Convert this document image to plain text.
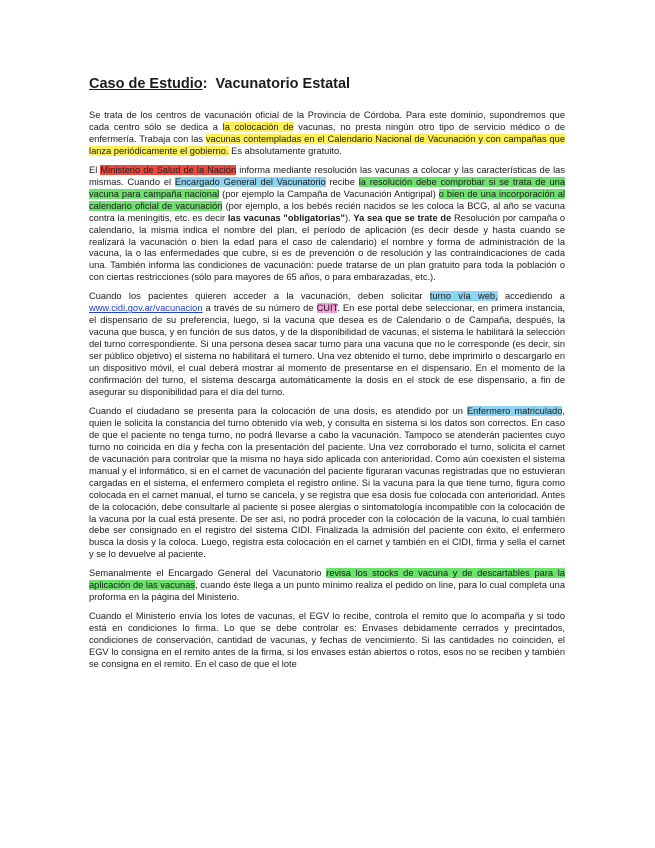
Caso de Estudio: Vacunatorio Estatal

Se trata de los centros de vacunación oficial de la Provincia de Córdoba. Para este dominio, supondremos que cada centro sólo se dedica a la colocación de vacunas, no presta ningún otro tipo de servicio médico o de enfermería. Trabaja con las vacunas contempladas en el Calendario Nacional de Vacunación y con campañas que lanza periódicamente el gobierno. Es absolutamente gratuito.

El Ministerio de Salud de la Nación informa mediante resolución las vacunas a colocar y las características de las mismas. Cuando el Encargado General del Vacunatorio recibe la resolución debe comprobar si se trata de una vacuna para campaña nacional (por ejemplo la Campaña de Vacunación Antigripal) o bien de una incorporación al calendario oficial de vacunación (por ejemplo, a los bebés recién nacidos se les coloca la BCG, al año se vacuna contra la meningitis, etc. es decir las vacunas "obligatorias"). Ya sea que se trate de Resolución por campaña o calendario, la misma indica el nombre del plan, el período de aplicación (es decir desde y hasta cuando se realizará la vacunación o bien la edad para el caso de calendario) el nombre y forma de administración de la vacuna, la o las enfermedades que cubre, si es de prevención o de resolución y las contraindicaciones de cada una. También informa las condiciones de vacunación: puede tratarse de un plan gratuito para toda la población o con ciertas restricciones (sólo para mayores de 65 años, o para embarazadas, etc.).

Cuando los pacientes quieren acceder a la vacunación, deben solicitar turno vía web, accediendo a www.cidi.gov.ar/vacunacion a través de su número de CUIT. En ese portal debe seleccionar, en primera instancia, el dispensario de su preferencia, luego, si la vacuna que desea es de Calendario o de Campaña, después, la vacuna que busca, y en función de sus datos, y de la disponibilidad de vacunas, el sistema le habilitará la selección del turno correspondiente. Si una persona desea sacar turno para una vacuna que no le corresponde (es decir, sin ser público objetivo) el sistema no habilitará el turnero. Una vez obtenido el turno, debe imprimirlo o descargarlo en un dispositivo móvil, el cual deberá mostrar al momento de presentarse en el dispensario. En el momento de la confirmación del turno, el sistema descarga automáticamente la dosis en el stock de ese dispensario, a fin de asegurar su disponibilidad para el día del turno.

Cuando el ciudadano se presenta para la colocación de una dosis, es atendido por un Enfermero matriculado, quien le solicita la constancia del turno obtenido vía web, y consulta en sistema si los datos son correctos. En caso de que el paciente no tenga turno, no podrá llevarse a cabo la vacunación. Tampoco se atenderán pacientes cuyo turno no coincida en día y fecha con la presentación del paciente. Una vez corroborado el turno, solicita el carnet de vacunación para controlar que la misma no haya sido aplicada con anterioridad. Como aún coexisten el sistema manual y el informático, si en el carnet de vacunación del paciente figuraran vacunas registradas que no estuvieran cargadas en el sistema, el enfermero completa el registro online. Si la vacuna para la que tiene turno, figura como colocada en el carnet manual, el turno se cancela, y se registra que esa dosis fue colocada con anterioridad. Antes de la colocación, debe consultarle al paciente si posee alergias o sintomatología incompatible con la colocación de la vacuna por la cual está presente. De ser así, no podrá proceder con la colocación de la vacuna, lo cual también debe ser consignado en el registro del sistema CIDI. Finalizada la admisión del paciente con éxito, el enfermero busca la dosis y la coloca. Luego, registra esta colocación en el carnet y también en el CIDI, firma y sella el carnet y se lo devuelve al paciente.

Semanalmente el Encargado General del Vacunatorio revisa los stocks de vacuna y de descartables para la aplicación de las vacunas, cuando éste llega a un punto mínimo realiza el pedido on line, para lo cual completa una proforma en la página del Ministerio.

Cuando el Ministerio envía los lotes de vacunas, el EGV lo recibe, controla el remito que lo acompaña y si todo está en condiciones lo firma. Lo que se debe controlar es: Envases debidamente cerrados y precintados, condiciones de conservación, cantidad de vacunas, y fechas de vencimiento. Si las cantidades no coinciden, el EGV lo consigna en el remito antes de la firma, si los envases están abiertos o rotos, esos no se reciben y también se consigna en el remito. En el caso de que el lote
